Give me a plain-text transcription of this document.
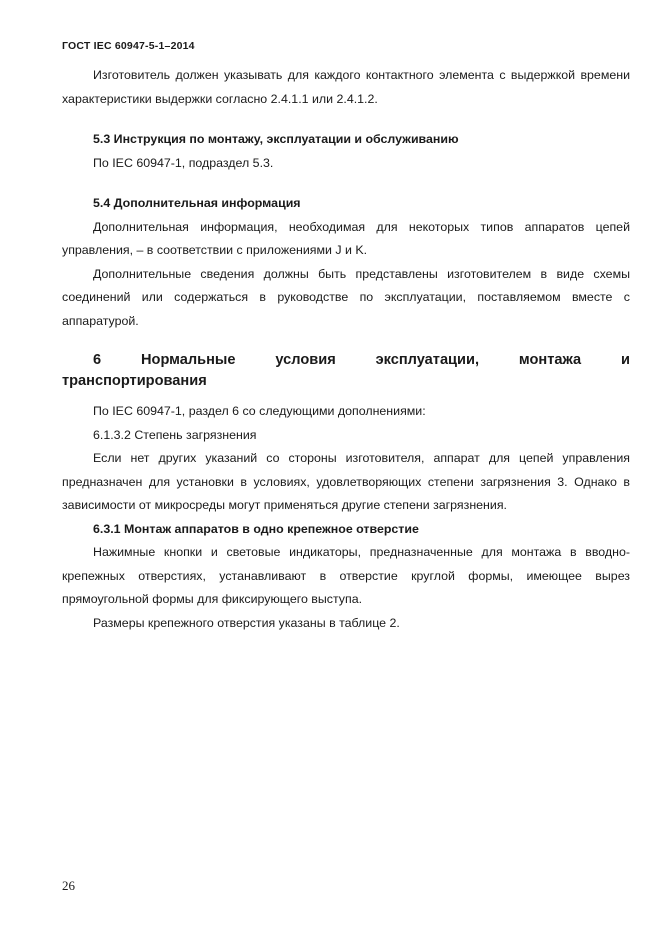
ГОСТ IEC 60947-5-1–2014

Изготовитель должен указывать для каждого контактного элемента с выдержкой времени характеристики выдержки согласно 2.4.1.1 или 2.4.1.2.

5.3 Инструкция по монтажу, эксплуатации и обслуживанию

По IEC 60947-1, подраздел 5.3.

5.4 Дополнительная информация

Дополнительная информация, необходимая для некоторых типов аппаратов цепей управления, – в соответствии с приложениями J и K.

Дополнительные сведения должны быть представлены изготовителем в виде схемы соединений или содержаться в руководстве по эксплуатации, поставляемом вместе с аппаратурой.

6	Нормальные	условия	эксплуатации,	монтажа	и
транспортирования

По IEC 60947-1, раздел 6 со следующими дополнениями:

6.1.3.2 Степень загрязнения

Если нет других указаний со стороны изготовителя, аппарат для цепей управления предназначен для установки в условиях, удовлетворяющих степени загрязнения 3. Однако в зависимости от микросреды могут применяться другие степени загрязнения.

6.3.1 Монтаж аппаратов в одно крепежное отверстие

Нажимные кнопки и световые индикаторы, предназначенные для монтажа в вводно-крепежных отверстиях, устанавливают в отверстие круглой формы, имеющее вырез прямоугольной формы для фиксирующего выступа.

Размеры крепежного отверстия указаны в таблице 2.

26
